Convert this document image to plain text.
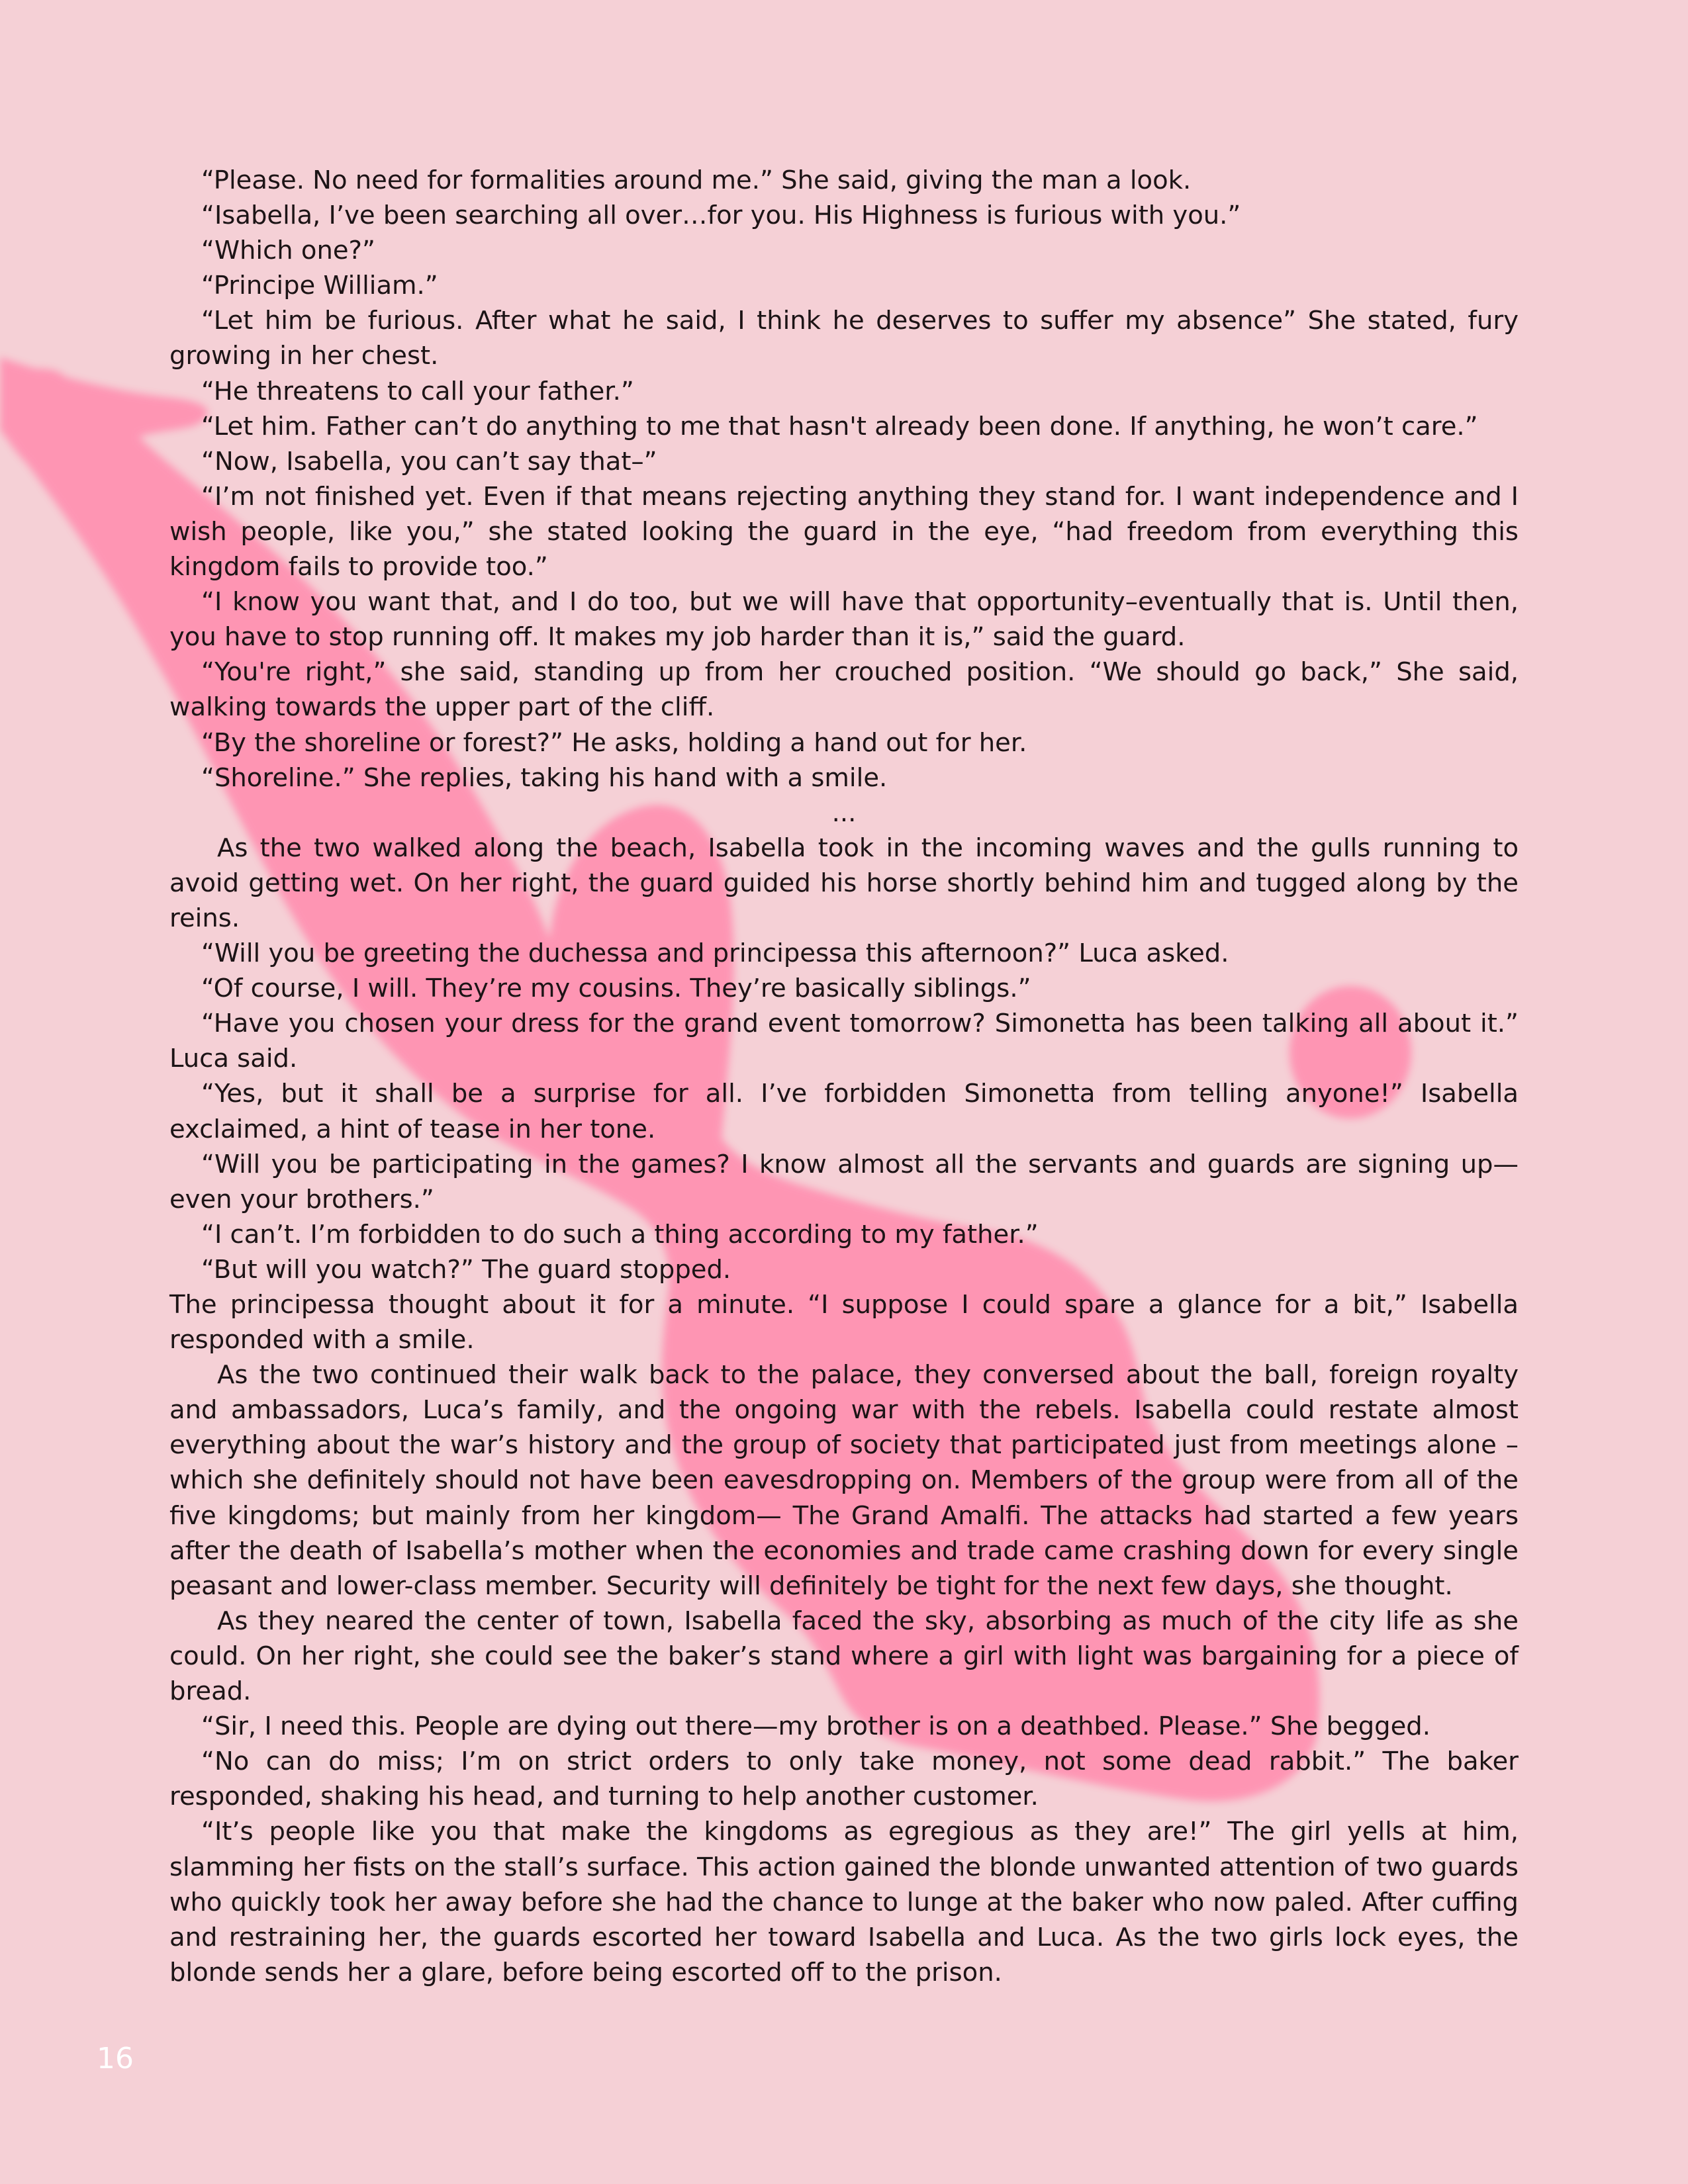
“Please. No need for formalities around me.” She said, giving the man a look.

“Isabella, I’ve been searching all over…for you. His Highness is furious with you.”

“Which one?”

“Principe William.”

“Let him be furious. After what he said, I think he deserves to suffer my absence” She stated, fury growing in her chest.

“He threatens to call your father.”

“Let him. Father can’t do anything to me that hasn't already been done. If anything, he won’t care.”

“Now, Isabella, you can’t say that–”

“I’m not finished yet. Even if that means rejecting anything they stand for. I want independence and I wish people, like you,” she stated looking the guard in the eye, “had freedom from everything this kingdom fails to provide too.”

“I know you want that, and I do too, but we will have that opportunity–eventually that is. Until then, you have to stop running off. It makes my job harder than it is,” said the guard.

“You're right,” she said, standing up from her crouched position. “We should go back,” She said, walking towards the upper part of the cliff.

“By the shoreline or forest?” He asks, holding a hand out for her.

“Shoreline.” She replies, taking his hand with a smile.

...

As the two walked along the beach, Isabella took in the incoming waves and the gulls running to avoid getting wet. On her right, the guard guided his horse shortly behind him and tugged along by the reins.

“Will you be greeting the duchessa and principessa this afternoon?” Luca asked.

“Of course, I will. They’re my cousins. They’re basically siblings.”

“Have you chosen your dress for the grand event tomorrow? Simonetta has been talking all about it.” Luca said.

“Yes, but it shall be a surprise for all. I’ve forbidden Simonetta from telling anyone!” Isabella exclaimed, a hint of tease in her tone.

“Will you be participating in the games? I know almost all the servants and guards are signing up—even your brothers.”

“I can’t. I’m forbidden to do such a thing according to my father.”

“But will you watch?” The guard stopped.

The principessa thought about it for a minute. “I suppose I could spare a glance for a bit,” Isabella responded with a smile.

As the two continued their walk back to the palace, they conversed about the ball, foreign royalty and ambassadors, Luca’s family, and the ongoing war with the rebels. Isabella could restate almost everything about the war’s history and the group of society that participated just from meetings alone – which she definitely should not have been eavesdropping on. Members of the group were from all of the five kingdoms; but mainly from her kingdom— The Grand Amalfi. The attacks had started a few years after the death of Isabella’s mother when the economies and trade came crashing down for every single peasant and lower-class member. Security will definitely be tight for the next few days, she thought.

As they neared the center of town, Isabella faced the sky, absorbing as much of the city life as she could. On her right, she could see the baker’s stand where a girl with light was bargaining for a piece of bread.

“Sir, I need this. People are dying out there—my brother is on a deathbed. Please.” She begged.

“No can do miss; I’m on strict orders to only take money, not some dead rabbit.” The baker responded, shaking his head, and turning to help another customer.

“It’s people like you that make the kingdoms as egregious as they are!” The girl yells at him, slamming her fists on the stall’s surface. This action gained the blonde unwanted attention of two guards who quickly took her away before she had the chance to lunge at the baker who now paled. After cuffing and restraining her, the guards escorted her toward Isabella and Luca. As the two girls lock eyes, the blonde sends her a glare, before being escorted off to the prison.

16
